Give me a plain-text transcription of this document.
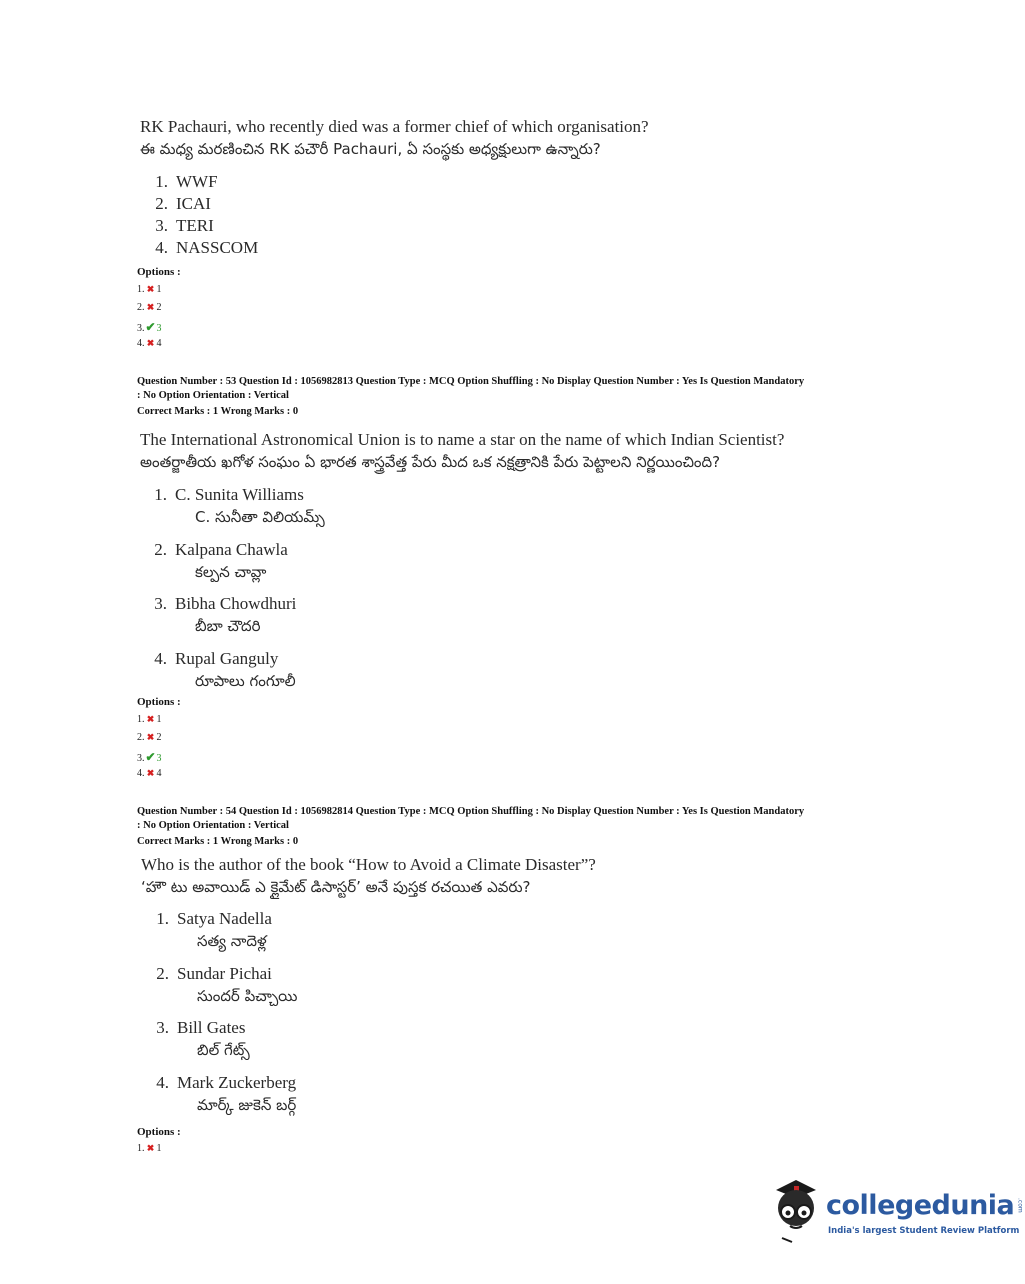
RK Pachauri, who recently died was a former chief of which organisation?
ఈ మధ్య మరణించిన RK పచౌరీ Pachauri, ఏ సంస్థకు అధ్యక్షులుగా ఉన్నారు?
1. WWF
2. ICAI
3. TERI
4. NASSCOM
Options :
1. ✖ 1
2. ✖ 2
3.✔3
4. ✖ 4
Question Number : 53 Question Id : 1056982813 Question Type : MCQ Option Shuffling : No Display Question Number : Yes Is Question Mandatory
: No Option Orientation : Vertical
Correct Marks : 1 Wrong Marks : 0
The International Astronomical Union is to name a star on the name of which Indian Scientist?
అంతర్జాతీయ ఖగోళ సంఘం ఏ భారత శాస్త్రవేత్త పేరు మీద ఒక నక్షత్రానికి పేరు పెట్టాలని నిర్ణయించింది?
1. C. Sunita Williams
C. సునీతా విలియమ్స్
2. Kalpana Chawla
కల్పన చావ్లా
3. Bibha Chowdhuri
బీబా చౌదరి
4. Rupal Ganguly
రూపాలు గంగూలీ
Options :
1. ✖ 1
2. ✖ 2
3.✔3
4. ✖ 4
Question Number : 54 Question Id : 1056982814 Question Type : MCQ Option Shuffling : No Display Question Number : Yes Is Question Mandatory
: No Option Orientation : Vertical
Correct Marks : 1 Wrong Marks : 0
Who is the author of the book “How to Avoid a Climate Disaster”?
‘హౌ టు అవాయిడ్ ఎ క్లైమేట్ డిసాస్టర్’ అనే పుస్తక రచయిత ఎవరు?
1. Satya Nadella
సత్య నాదెళ్ల
2. Sundar Pichai
సుందర్ పిచ్చాయి
3. Bill Gates
బిల్ గేట్స్
4. Mark Zuckerberg
మార్క్ జుకెన్ బర్గ్
Options :
1. ✖ 1
collegedunia .com
India's largest Student Review Platform
